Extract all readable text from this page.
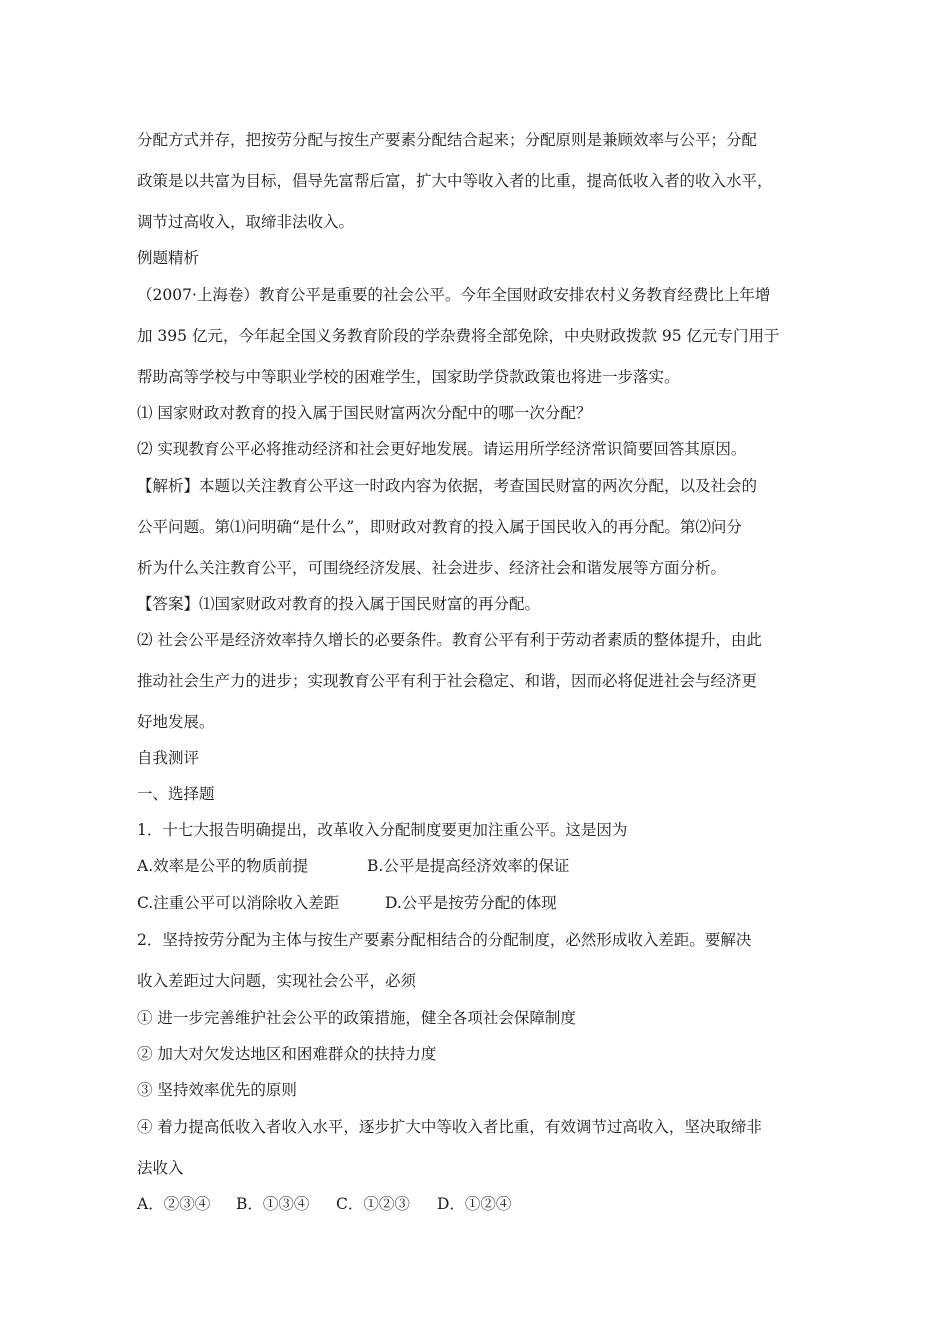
分配方式并存，把按劳分配与按生产要素分配结合起来；分配原则是兼顾效率与公平；分配
政策是以共富为目标，倡导先富帮后富，扩大中等收入者的比重，提高低收入者的收入水平，
调节过高收入，取缔非法收入。
例题精析
（2007·上海卷）教育公平是重要的社会公平。今年全国财政安排农村义务教育经费比上年增
加 395 亿元，今年起全国义务教育阶段的学杂费将全部免除，中央财政拨款 95 亿元专门用于
帮助高等学校与中等职业学校的困难学生，国家助学贷款政策也将进一步落实。
⑴ 国家财政对教育的投入属于国民财富两次分配中的哪一次分配？
⑵ 实现教育公平必将推动经济和社会更好地发展。请运用所学经济常识简要回答其原因。
【解析】本题以关注教育公平这一时政内容为依据，考查国民财富的两次分配，以及社会的
公平问题。第⑴问明确“是什么”，即财政对教育的投入属于国民收入的再分配。第⑵问分
析为什么关注教育公平，可围绕经济发展、社会进步、经济社会和谐发展等方面分析。
【答案】⑴国家财政对教育的投入属于国民财富的再分配。
⑵ 社会公平是经济效率持久增长的必要条件。教育公平有利于劳动者素质的整体提升，由此
推动社会生产力的进步；实现教育公平有利于社会稳定、和谐，因而必将促进社会与经济更
好地发展。
自我测评
一、选择题
1．十七大报告明确提出，改革收入分配制度要更加注重公平。这是因为
A.效率是公平的物质前提	B.公平是提高经济效率的保证
C.注重公平可以消除收入差距	D.公平是按劳分配的体现
2．坚持按劳分配为主体与按生产要素分配相结合的分配制度，必然形成收入差距。要解决
收入差距过大问题，实现社会公平，必须
① 进一步完善维护社会公平的政策措施，健全各项社会保障制度
② 加大对欠发达地区和困难群众的扶持力度
③ 坚持效率优先的原则
④ 着力提高低收入者收入水平，逐步扩大中等收入者比重，有效调节过高收入，坚决取缔非
法收入
A．②③④ B．①③④ C．①②③ D．①②④
